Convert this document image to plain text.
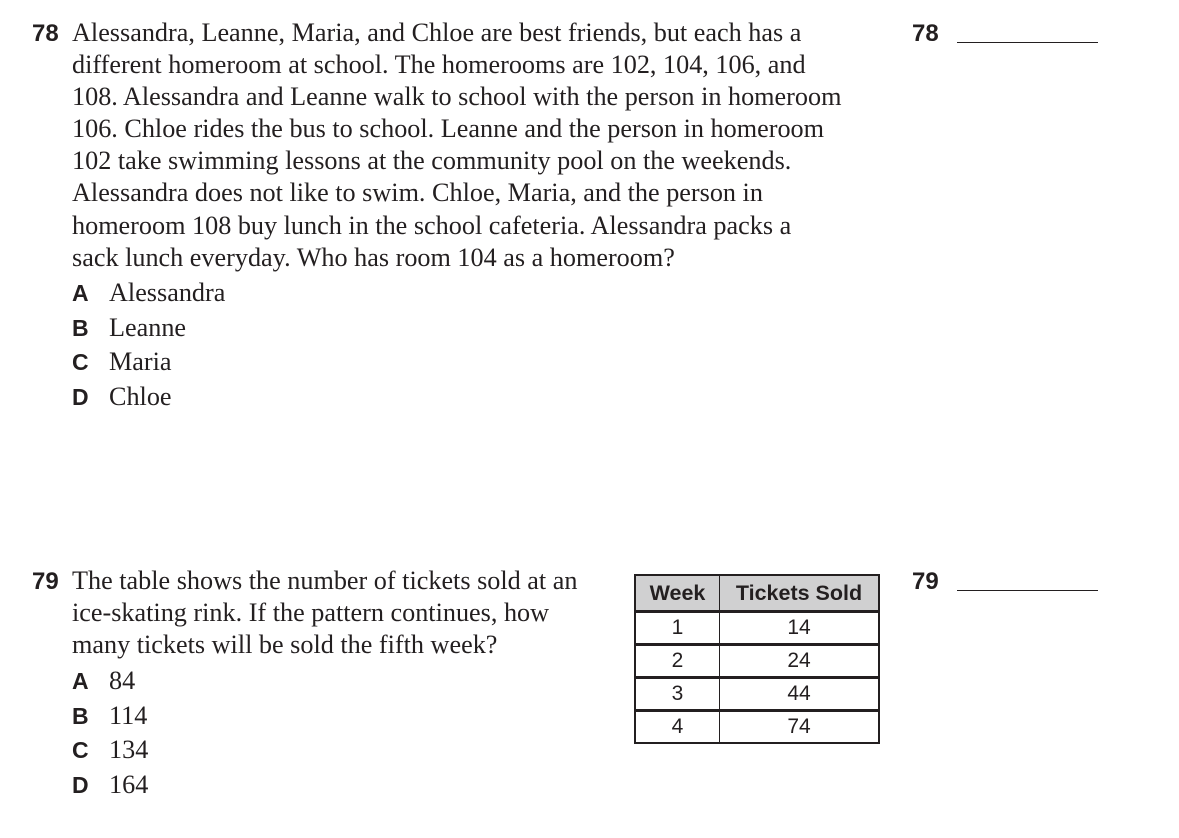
78 Alessandra, Leanne, Maria, and Chloe are best friends, but each has a
different homeroom at school. The homerooms are 102, 104, 106, and
108. Alessandra and Leanne walk to school with the person in homeroom
106. Chloe rides the bus to school. Leanne and the person in homeroom
102 take swimming lessons at the community pool on the weekends.
Alessandra does not like to swim. Chloe, Maria, and the person in
homeroom 108 buy lunch in the school cafeteria. Alessandra packs a
sack lunch everyday. Who has room 104 as a homeroom?
A Alessandra
B Leanne
C Maria
D Chloe
78
79 The table shows the number of tickets sold at an
ice-skating rink. If the pattern continues, how
many tickets will be sold the fifth week?
A 84
B 114
C 134
D 164
Week	Tickets Sold
1	14
2	24
3	44
4	74
79
